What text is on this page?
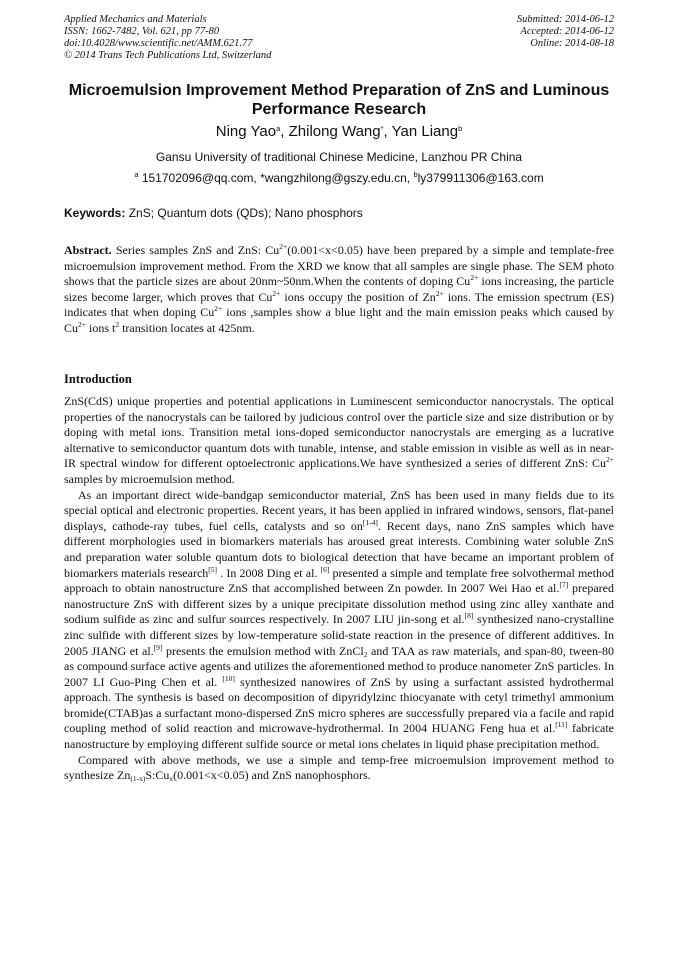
Applied Mechanics and Materials
ISSN: 1662-7482, Vol. 621, pp 77-80
doi:10.4028/www.scientific.net/AMM.621.77
© 2014 Trans Tech Publications Ltd, Switzerland
Submitted: 2014-06-12
Accepted: 2014-06-12
Online: 2014-08-18
Microemulsion Improvement Method Preparation of ZnS and Luminous Performance Research
Ning Yao$^a$, Zhilong Wang*, Yan Liang$^b$
Gansu University of traditional Chinese Medicine, Lanzhou PR China
$^a$ 151702096@qq.com, *wangzhilong@gszy.edu.cn, $^b$ly379911306@163.com
Keywords: ZnS; Quantum dots (QDs); Nano phosphors
Abstract. Series samples ZnS and ZnS: $Cu^{2+}(0.001<x<0.05)$ have been prepared by a simple and template-free microemulsion improvement method. From the XRD we know that all samples are single phase. The SEM photo shows that the particle sizes are about 20nm~50nm.When the contents of doping $Cu^{2+}$ ions increasing, the particle sizes become larger, which proves that $Cu^{2+}$ ions occupy the position of $Zn^{2+}$ ions. The emission spectrum (ES) indicates that when doping $Cu^{2+}$ ions ,samples show a blue light and the main emission peaks which caused by $Cu^{2+}$ ions $t^2$ transition locates at 425nm.
Introduction

ZnS(CdS) unique properties and potential applications in Luminescent semiconductor nanocrystals. The optical properties of the nanocrystals can be tailored by judicious control over the particle size and size distribution or by doping with metal ions. Transition metal ions-doped semiconductor nanocrystals are emerging as a lucrative alternative to semiconductor quantum dots with tunable, intense, and stable emission in visible as well as in near-IR spectral window for different optoelectronic applications.We have synthesized a series of different ZnS: $Cu^{2+}$ samples by microemulsion method.

As an important direct wide-bandgap semiconductor material, ZnS has been used in many fields due to its special optical and electronic properties. Recent years, it has been applied in infrared windows, sensors, flat-panel displays, cathode-ray tubes, fuel cells, catalysts and so on[1-4]. Recent days, nano ZnS samples which have different morphologies used in biomarkers materials has aroused great interests. Combining water soluble ZnS and preparation water soluble quantum dots to biological detection that have became an important problem of biomarkers materials research[5] . In 2008 Ding et al. [6] presented a simple and template free solvothermal method approach to obtain nanostructure ZnS that accomplished between Zn powder. In 2007 Wei Hao et al.[7] prepared nanostructure ZnS with different sizes by a unique precipitate dissolution method using zinc alley xanthate and sodium sulfide as zinc and sulfur sources respectively. In 2007 LIU jin-song et al.[8] synthesized nano-crystalline zinc sulfide with different sizes by low-temperature solid-state reaction in the presence of different additives. In 2005 JIANG et al.[9] presents the emulsion method with ZnCl$_2$ and TAA as raw materials, and span-80, tween-80 as compound surface active agents and utilizes the aforementioned method to produce nanometer ZnS particles. In 2007 LI Guo-Ping Chen et al. [10] synthesized nanowires of ZnS by using a surfactant assisted hydrothermal approach. The synthesis is based on decomposition of dipyridylzinc thiocyanate with cetyl trimethyl ammonium bromide(CTAB)as a surfactant mono-dispersed ZnS micro spheres are successfully prepared via a facile and rapid coupling method of solid reaction and microwave-hydrothermal. In 2004 HUANG Feng hua et al.[11] fabricate nanostructure by employing different sulfide source or metal ions chelates in liquid phase precipitation method.

Compared with above methods, we use a simple and temp-free microemulsion improvement method to synthesize $Zn_{(1-x)}S:Cu_x(0.001<x<0.05)$ and ZnS nanophosphors.
